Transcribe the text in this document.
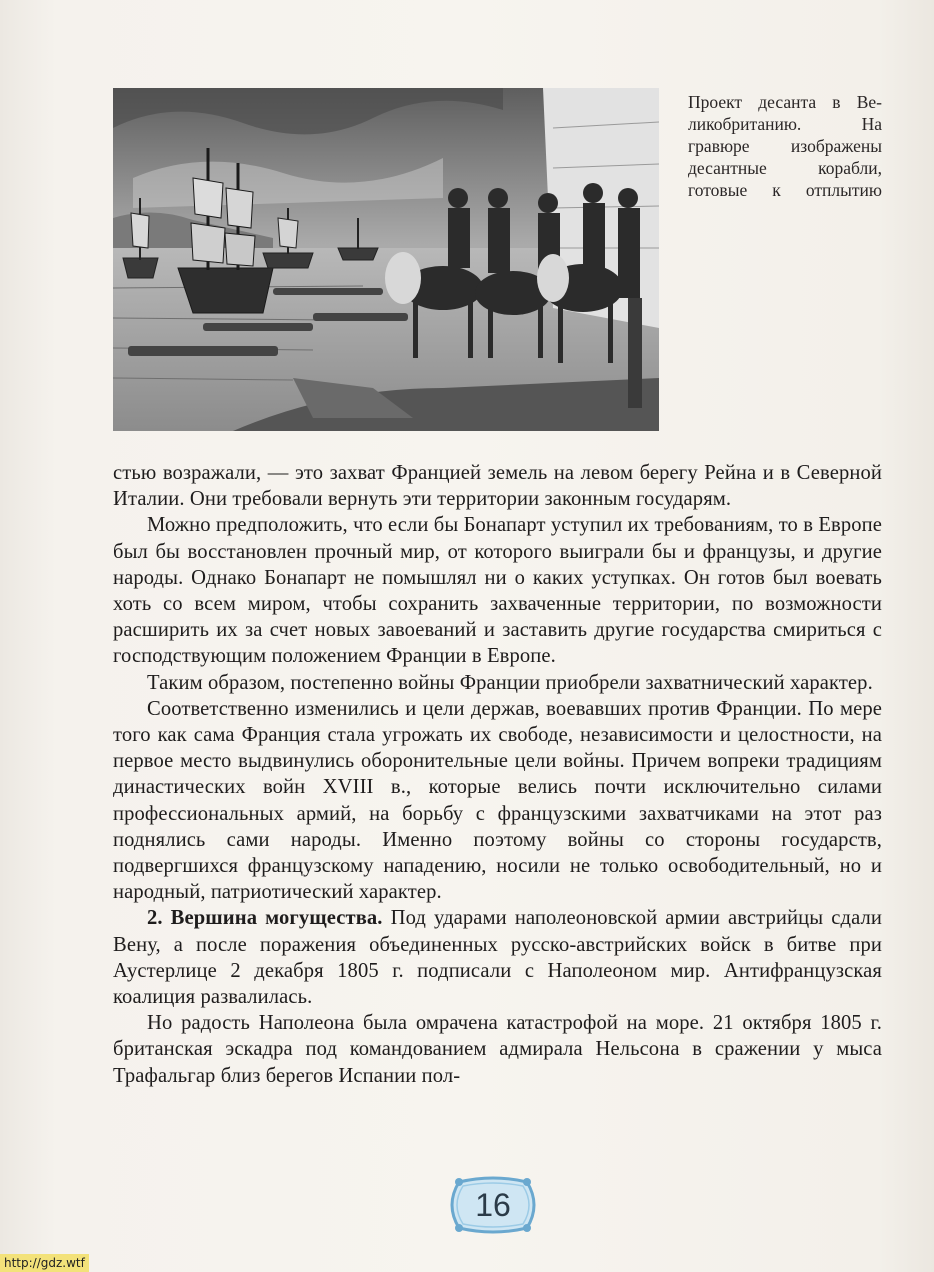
Проект десанта в Ве-
ликобританию. На
гравюре изображены
десантные корабли,
готовые к отплытию

стью возражали, — это захват Францией земель на левом берегу Рейна и в Северной Италии. Они требовали вернуть эти территории законным государям.

Можно предположить, что если бы Бонапарт уступил их требованиям, то в Европе был бы восстановлен прочный мир, от которого выиграли бы и французы, и другие народы. Однако Бонапарт не помышлял ни о каких уступках. Он готов был воевать хоть со всем миром, чтобы сохранить захваченные территории, по возможности расширить их за счет новых завоеваний и заставить другие государства смириться с господствующим положением Франции в Европе.

Таким образом, постепенно войны Франции приобрели захватнический характер.

Соответственно изменились и цели держав, воевавших против Франции. По мере того как сама Франция стала угрожать их свободе, независимости и целостности, на первое место выдвинулись оборонительные цели войны. Причем вопреки традициям династических войн XVIII в., которые велись почти исключительно силами профессиональных армий, на борьбу с французскими захватчиками на этот раз поднялись сами народы. Именно поэтому войны со стороны государств, подвергшихся французскому нападению, носили не только освободительный, но и народный, патриотический характер.

2. Вершина могущества. Под ударами наполеоновской армии австрийцы сдали Вену, а после поражения объединенных русско-австрийских войск в битве при Аустерлице 2 декабря 1805 г. подписали с Наполеоном мир. Антифранцузская коалиция развалилась.

Но радость Наполеона была омрачена катастрофой на море. 21 октября 1805 г. британская эскадра под командованием адмирала Нельсона в сражении у мыса Трафальгар близ берегов Испании пол-

16
http://gdz.wtf
